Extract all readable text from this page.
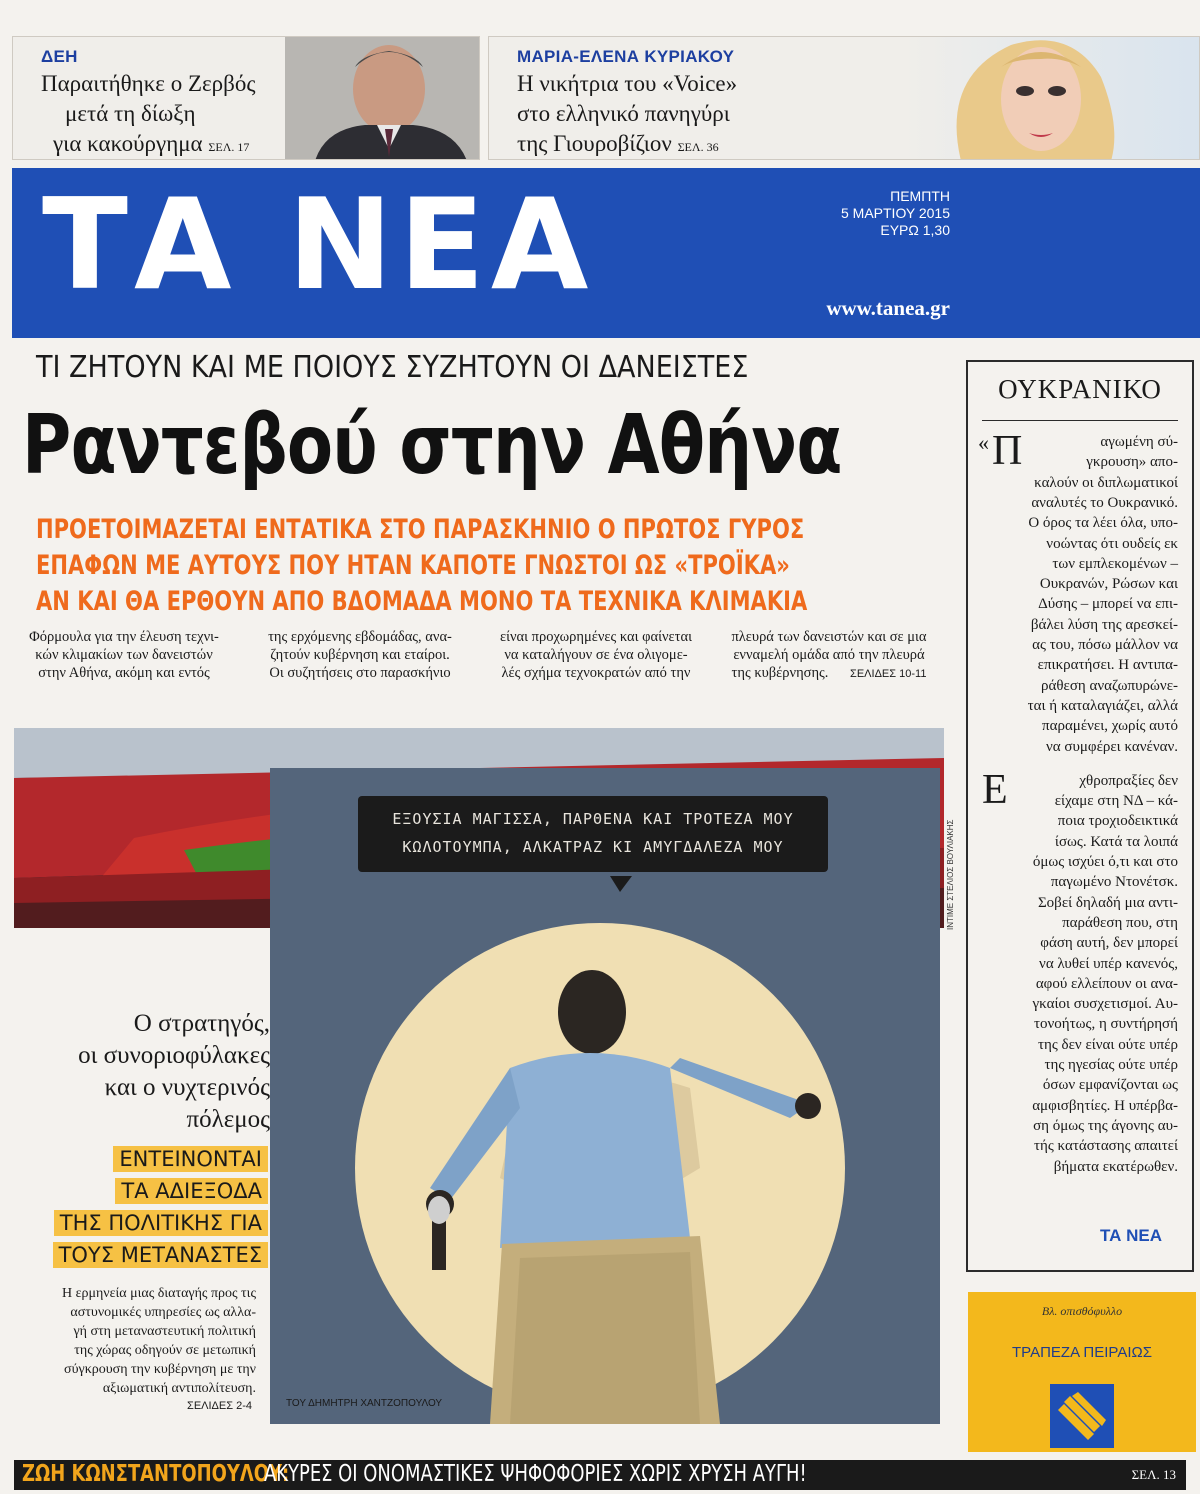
ΔΕΗ
Παραιτήθηκε ο Ζερβός
μετά τη δίωξη
για κακούργημα ΣΕΛ. 17
ΜΑΡΙΑ-ΕΛΕΝΑ ΚΥΡΙΑΚΟΥ
Η νικήτρια του «Voice»
στο ελληνικό πανηγύρι
της Γιουροβίζιον ΣΕΛ. 36
ΤΑ ΝΕΑ	ΠΕΜΠΤΗ
5 ΜΑΡΤΙΟΥ 2015
ΕΥΡΩ 1,30
www.tanea.gr
ΤΙ ΖΗΤΟΥΝ ΚΑΙ ΜΕ ΠΟΙΟΥΣ ΣΥΖΗΤΟΥΝ ΟΙ ΔΑΝΕΙΣΤΕΣ
Ραντεβού στην Αθήνα
ΠΡΟΕΤΟΙΜΑΖΕΤΑΙ ΕΝΤΑΤΙΚΑ ΣΤΟ ΠΑΡΑΣΚΗΝΙΟ Ο ΠΡΩΤΟΣ ΓΥΡΟΣ
ΕΠΑΦΩΝ ΜΕ ΑΥΤΟΥΣ ΠΟΥ ΗΤΑΝ ΚΑΠΟΤΕ ΓΝΩΣΤΟΙ ΩΣ «ΤΡΟΪΚΑ»
ΑΝ ΚΑΙ ΘΑ ΕΡΘΟΥΝ ΑΠΟ ΒΔΟΜΑΔΑ ΜΟΝΟ ΤΑ ΤΕΧΝΙΚΑ ΚΛΙΜΑΚΙΑ
Φόρμουλα για την έλευση τεχνι-
κών κλιμακίων των δανειστών
στην Αθήνα, ακόμη και εντός
της ερχόμενης εβδομάδας, ανα-
ζητούν κυβέρνηση και εταίροι.
Οι συζητήσεις στο παρασκήνιο
είναι προχωρημένες και φαίνεται
να καταλήγουν σε ένα ολιγομε-
λές σχήμα τεχνοκρατών από την
πλευρά των δανειστών και σε μια
ενναμελή ομάδα από την πλευρά
της κυβέρνησης. ΣΕΛΙΔΕΣ 10-11
INTIME ΣΤΕΛΙΟΣ ΒΟΥΛΙΑΚΗΣ
Ο στρατηγός,
οι συνοριοφύλακες
και ο νυχτερινός
πόλεμος
ΕΝΤΕΙΝΟΝΤΑΙ
ΤΑ ΑΔΙΕΞΟΔΑ
ΤΗΣ ΠΟΛΙΤΙΚΗΣ ΓΙΑ
ΤΟΥΣ ΜΕΤΑΝΑΣΤΕΣ
Η ερμηνεία μιας διαταγής προς τις
αστυνομικές υπηρεσίες ως αλλα-
γή στη μεταναστευτική πολιτική
της χώρας οδηγούν σε μετωπική
σύγκρουση την κυβέρνηση με την
αξιωματική αντιπολίτευση.
ΣΕΛΙΔΕΣ 2-4
ΕΞΟΥΣΙΑ ΜΑΓΙΣΣΑ, ΠΑΡΘΕΝΑ ΚΑΙ ΤΡΟΤΕΖΑ ΜΟΥ
ΚΩΛΟΤΟΥΜΠΑ, ΑΛΚΑΤΡΑΖ ΚΙ ΑΜΥΓΔΑΛΕΖΑ ΜΟΥ
ΤΟΥ ΔΗΜΗΤΡΗ ΧΑΝΤΖΟΠΟΥΛΟΥ
ΟΥΚΡΑΝΙΚΟ
« Π	αγωμένη σύ-
γκρουση» απο-
καλούν οι διπλωματικοί
αναλυτές το Ουκρανικό.
Ο όρος τα λέει όλα, υπο-
νοώντας ότι ουδείς εκ
των εμπλεκομένων –
Ουκρανών, Ρώσων και
Δύσης – μπορεί να επι-
βάλει λύση της αρεσκεί-
ας του, πόσω μάλλον να
επικρατήσει. Η αντιπα-
ράθεση αναζωπυρώνε-
ται ή καταλαγιάζει, αλλά
παραμένει, χωρίς αυτό
να συμφέρει κανέναν.
Ε	χθροπραξίες δεν
είχαμε στη ΝΔ – κά-
ποια τροχιοδεικτικά
ίσως. Κατά τα λοιπά
όμως ισχύει ό,τι και στο
παγωμένο Ντονέτσκ.
Σοβεί δηλαδή μια αντι-
παράθεση που, στη
φάση αυτή, δεν μπορεί
να λυθεί υπέρ κανενός,
αφού ελλείπουν οι ανα-
γκαίοι συσχετισμοί. Αυ-
τονοήτως, η συντήρησή
της δεν είναι ούτε υπέρ
της ηγεσίας ούτε υπέρ
όσων εμφανίζονται ως
αμφισβητίες. Η υπέρβα-
ση όμως της άγονης αυ-
τής κατάστασης απαιτεί
βήματα εκατέρωθεν.
ΤΑ ΝΕΑ
Βλ. οπισθόφυλλο
ΤΡΑΠΕΖΑ ΠΕΙΡΑΙΩΣ
ΖΩΗ ΚΩΝΣΤΑΝΤΟΠΟΥΛΟΥ:
ΑΚΥΡΕΣ ΟΙ ΟΝΟΜΑΣΤΙΚΕΣ ΨΗΦΟΦΟΡΙΕΣ ΧΩΡΙΣ ΧΡΥΣΗ ΑΥΓΗ!	ΣΕΛ. 13
